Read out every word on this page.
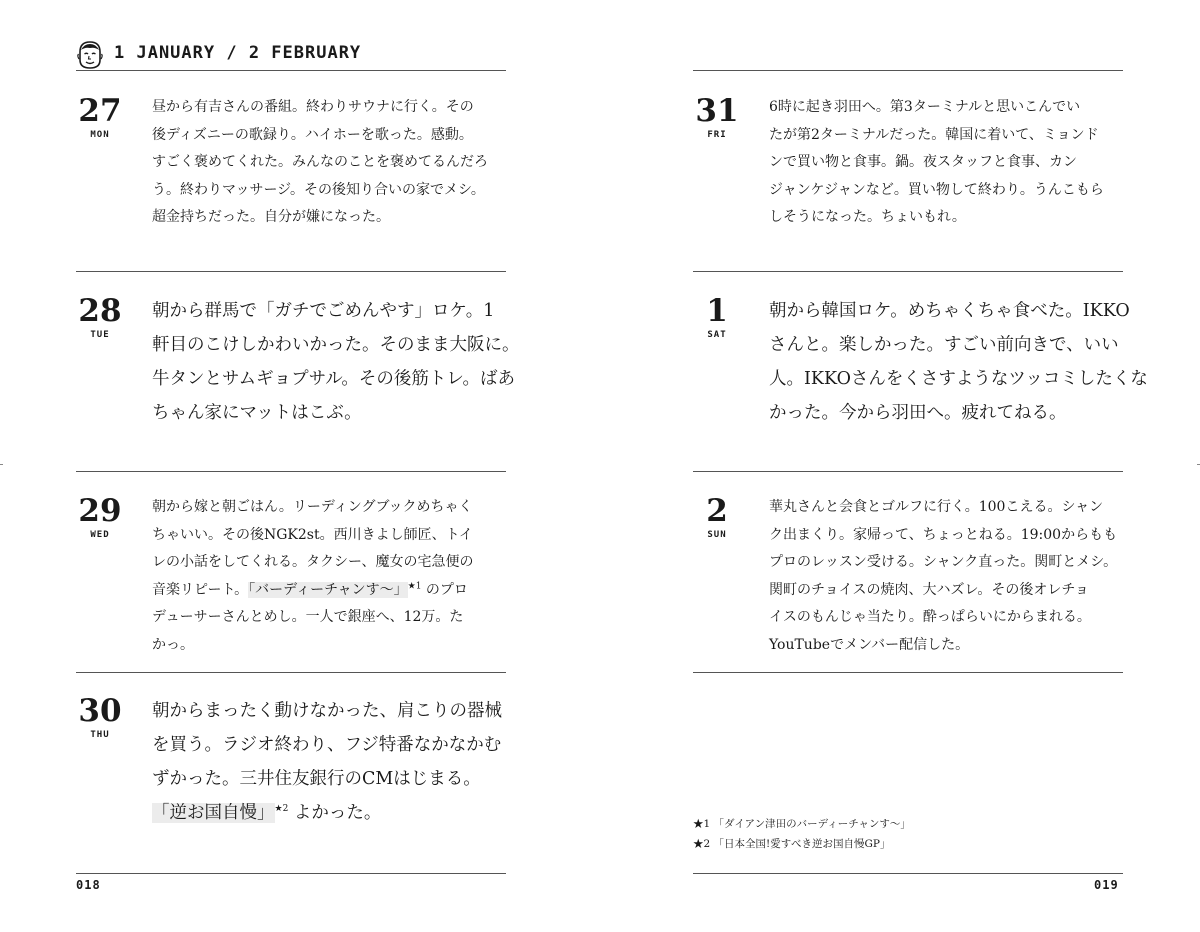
1 JANUARY / 2 FEBRUARY
27
MON
昼から有吉さんの番組。終わりサウナに行く。その
後ディズニーの歌録り。ハイホーを歌った。感動。
すごく褒めてくれた。みんなのことを褒めてるんだろ
う。終わりマッサージ。その後知り合いの家でメシ。
超金持ちだった。自分が嫌になった。
28
TUE
朝から群馬で「ガチでごめんやす」ロケ。1
軒目のこけしかわいかった。そのまま大阪に。
牛タンとサムギョプサル。その後筋トレ。ばあ
ちゃん家にマットはこぶ。
29
WED
朝から嫁と朝ごはん。リーディングブックめちゃく
ちゃいい。その後NGK2st。西川きよし師匠、トイ
レの小話をしてくれる。タクシー、魔女の宅急便の
音楽リピート。「バーディーチャンす〜」$^{★1}$ のプロ
デューサーさんとめし。一人で銀座へ、12万。た
かっ。
30
THU
朝からまったく動けなかった、肩こりの器械
を買う。ラジオ終わり、フジ特番なかなかむ
ずかった。三井住友銀行のCMはじまる。
「逆お国自慢」$^{★2}$ よかった。
018
31
FRI
6時に起き羽田へ。第3ターミナルと思いこんでい
たが第2ターミナルだった。韓国に着いて、ミョンド
ンで買い物と食事。鍋。夜スタッフと食事、カン
ジャンケジャンなど。買い物して終わり。うんこもら
しそうになった。ちょいもれ。
1
SAT
朝から韓国ロケ。めちゃくちゃ食べた。IKKO
さんと。楽しかった。すごい前向きで、いい
人。IKKOさんをくさすようなツッコミしたくな
かった。今から羽田へ。疲れてねる。
2
SUN
華丸さんと会食とゴルフに行く。100こえる。シャン
ク出まくり。家帰って、ちょっとねる。19:00からもも
プロのレッスン受ける。シャンク直った。関町とメシ。
関町のチョイスの焼肉、大ハズレ。その後オレチョ
イスのもんじゃ当たり。酔っぱらいにからまれる。
YouTubeでメンバー配信した。
019
★1 「ダイアン津田のバーディーチャンす〜」
★2 「日本全国!愛すべき逆お国自慢GP」
